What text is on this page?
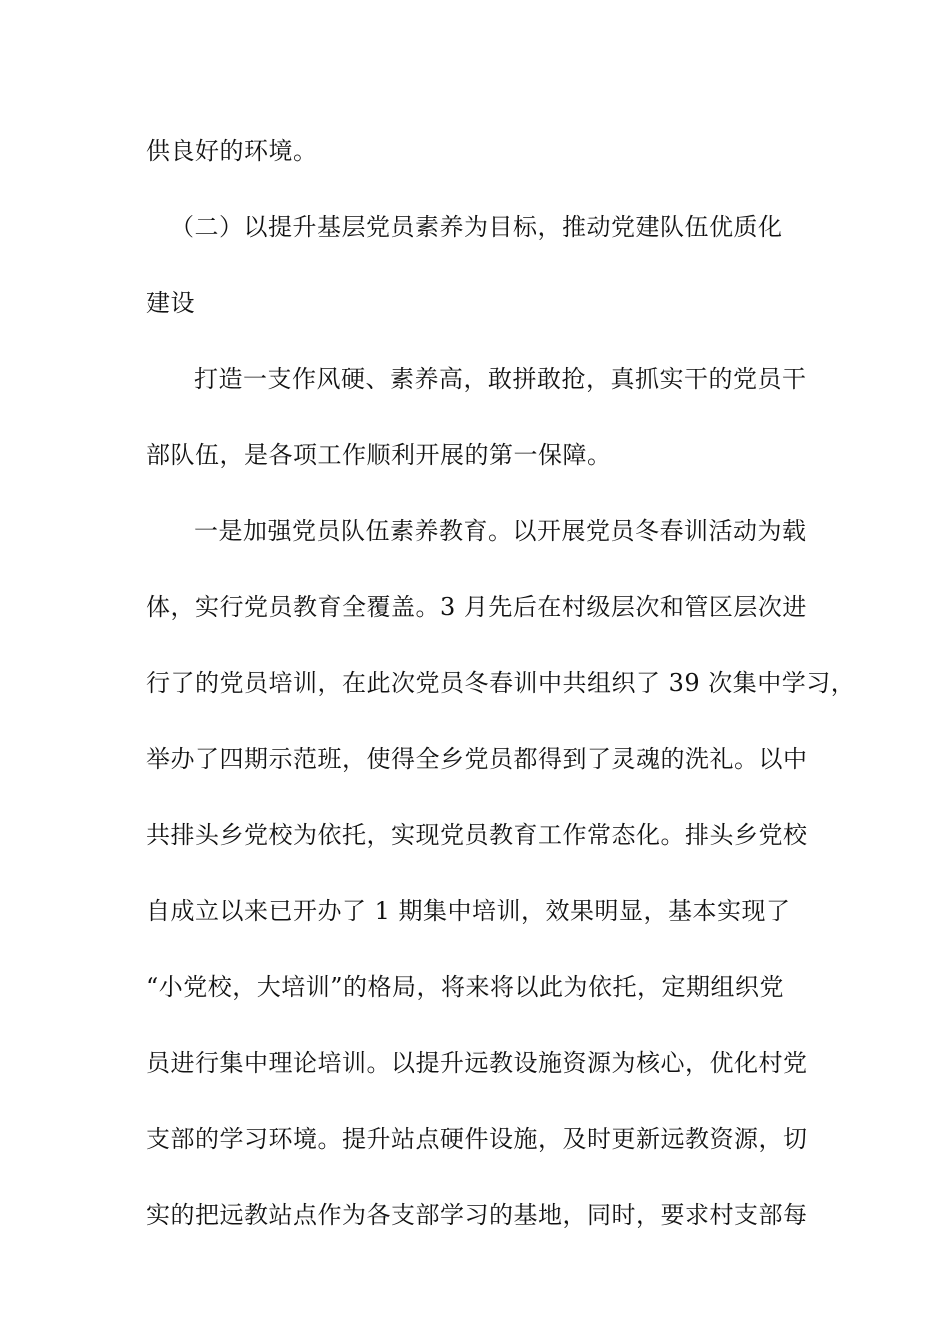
供良好的环境。
（二）以提升基层党员素养为目标，推动党建队伍优质化
建设
打造一支作风硬、素养高，敢拼敢抢，真抓实干的党员干
部队伍，是各项工作顺利开展的第一保障。
一是加强党员队伍素养教育。以开展党员冬春训活动为载
体，实行党员教育全覆盖。3 月先后在村级层次和管区层次进
行了的党员培训，在此次党员冬春训中共组织了 39 次集中学习，
举办了四期示范班，使得全乡党员都得到了灵魂的洗礼。以中
共排头乡党校为依托，实现党员教育工作常态化。排头乡党校
自成立以来已开办了 1 期集中培训，效果明显，基本实现了
“小党校，大培训”的格局，将来将以此为依托，定期组织党
员进行集中理论培训。以提升远教设施资源为核心，优化村党
支部的学习环境。提升站点硬件设施，及时更新远教资源，切
实的把远教站点作为各支部学习的基地，同时，要求村支部每
